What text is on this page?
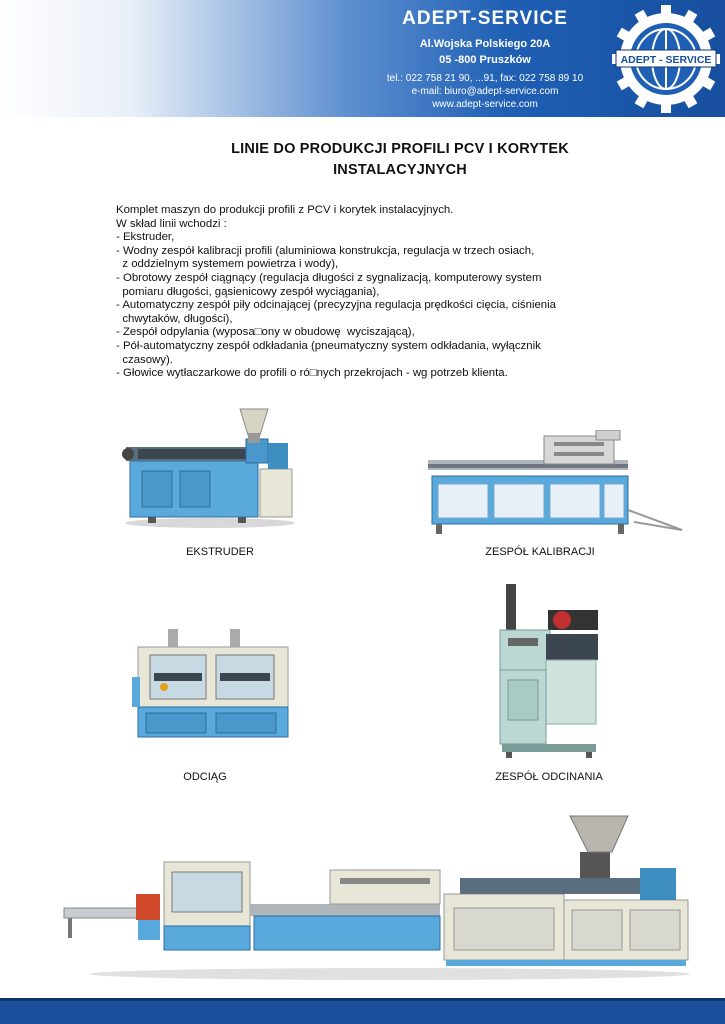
ADEPT-SERVICE
Al.Wojska Polskiego 20A
05 -800 Pruszków
tel.: 022 758 21 90, ...91, fax: 022 758 89 10
e-mail: biuro@adept-service.com
www.adept-service.com
ADEPT - SERVICE
LINIE DO PRODUKCJI PROFILI PCV I KORYTEK
INSTALACYJNYCH
Komplet maszyn do produkcji profili z PCV i korytek instalacyjnych.
W skład linii wchodzi :
- Ekstruder,
- Wodny zespół kalibracji profili (aluminiowa konstrukcja, regulacja w trzech osiach,
z oddzielnym systemem powietrza i wody),
- Obrotowy zespół ciągnący (regulacja długości z sygnalizacją, komputerowy system
pomiaru długości, gąsienicowy zespół wyciągania),
- Automatyczny zespół piły odcinającej (precyzyjna regulacja prędkości cięcia, ciśnienia
chwytaków, długości),
- Zespół odpylania (wyposa□ony w obudowę  wyciszającą),
- Pół-automatyczny zespół odkładania (pneumatyczny system odkładania, wyłącznik
czasowy).
- Głowice wytłaczarkowe do profili o ró□nych przekrojach - wg potrzeb klienta.
EKSTRUDER	ZESPÓŁ KALIBRACJI
ODCIĄG	ZESPÓŁ ODCINANIA
